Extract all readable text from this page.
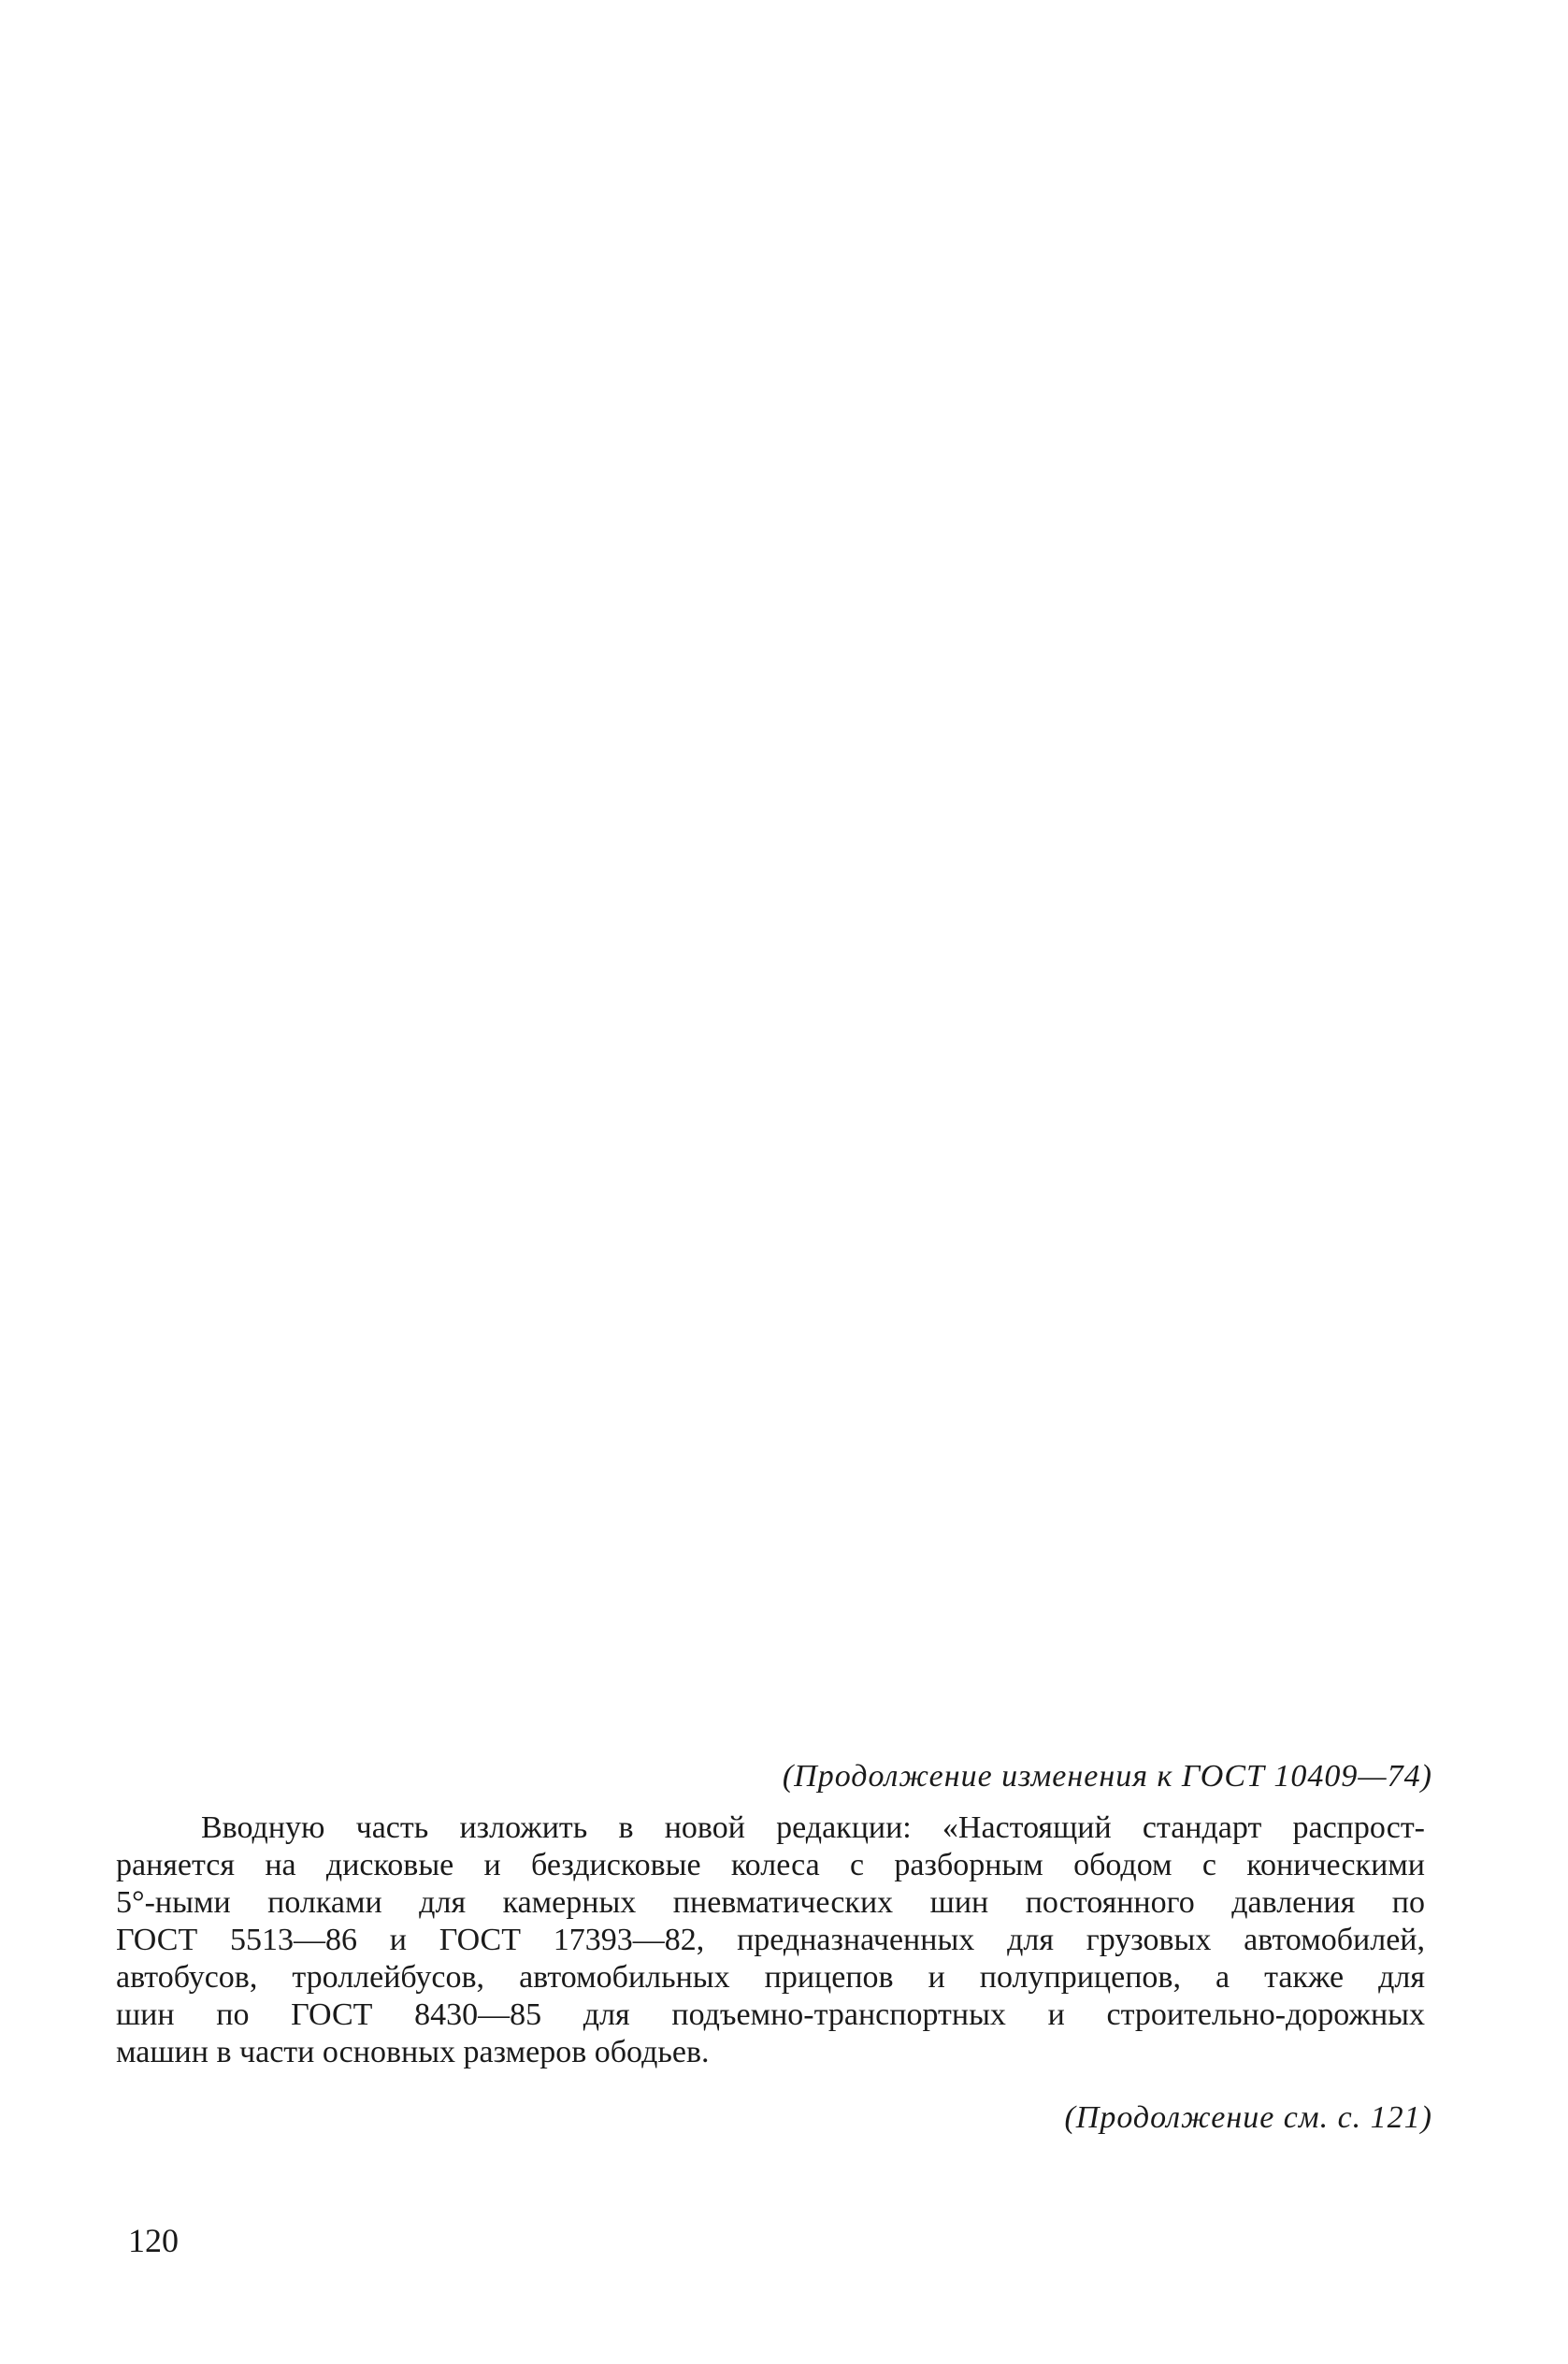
(Продолжение изменения к ГОСТ 10409—74)
Вводную часть изложить в новой редакции: «Настоящий стандарт распрост-
раняется на дисковые и бездисковые колеса с разборным ободом с коническими
5°-ными полками для камерных пневматических шин постоянного давления по
ГОСТ 5513—86 и ГОСТ 17393—82, предназначенных для грузовых автомобилей,
автобусов, троллейбусов, автомобильных прицепов и полуприцепов, а также для
шин по ГОСТ 8430—85 для подъемно-транспортных и строительно-дорожных
машин в части основных размеров ободьев.
(Продолжение см. с. 121)
120
